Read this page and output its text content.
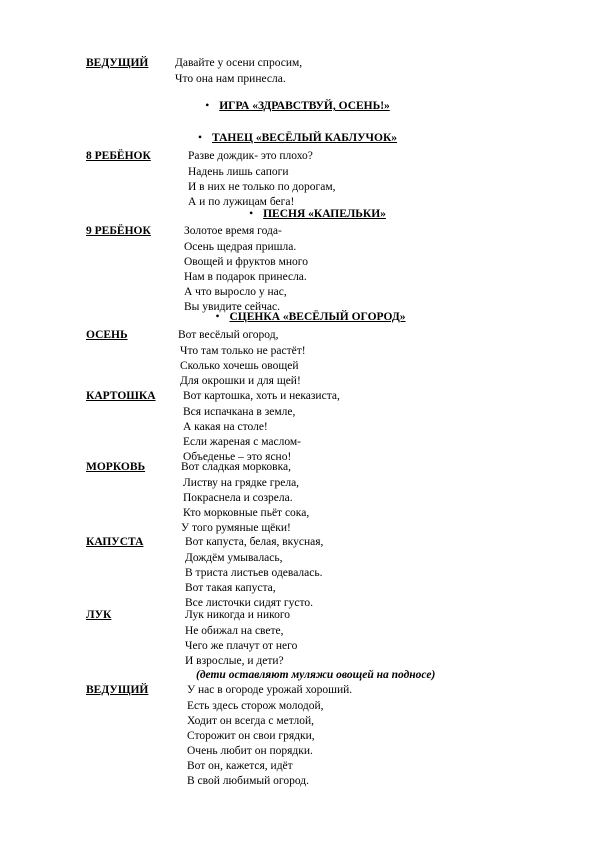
ВЕДУЩИЙ Давайте у осени спросим,
Что она нам принесла.
• ИГРА «ЗДРАВСТВУЙ, ОСЕНЬ!»
• ТАНЕЦ «ВЕСЁЛЫЙ КАБЛУЧОК»
8 РЕБЁНОК	Разве дождик- это плохо?
Надень лишь сапоги
И в них не только по дорогам,
А и по лужицам бега!
• ПЕСНЯ «КАПЕЛЬКИ»
9 РЕБЁНОК	Золотое время года-
Осень щедрая пришла.
Овощей и фруктов много
Нам в подарок принесла.
А что выросло у нас,
Вы увидите сейчас.
• СЦЕНКА «ВЕСЁЛЫЙ ОГОРОД»
ОСЕНЬ	Вот весёлый огород,
Что там только не растёт!
Сколько хочешь овощей
Для окрошки и для щей!
КАРТОШКА Вот картошка, хоть и неказиста,
Вся испачкана в земле,
А какая на столе!
Если жареная с маслом-
Объеденье – это ясно!
МОРКОВЬ	Вот сладкая морковка,
Листву на грядке грела,
Покраснела и созрела.
Кто морковные пьёт сока,
У того румяные щёки!
КАПУСТА	Вот капуста, белая, вкусная,
Дождём умывалась,
В триста листьев одевалась.
Вот такая капуста,
Все листочки сидят густо.
ЛУК	Лук никогда и никого
Не обижал на свете,
Чего же плачут от него
И взрослые, и дети?
(дети оставляют муляжи овощей на подносе)
ВЕДУЩИЙ	У нас в огороде урожай хороший.
Есть здесь сторож молодой,
Ходит он всегда с метлой,
Сторожит он свои грядки,
Очень любит он порядки.
Вот он, кажется, идёт
В свой любимый огород.
